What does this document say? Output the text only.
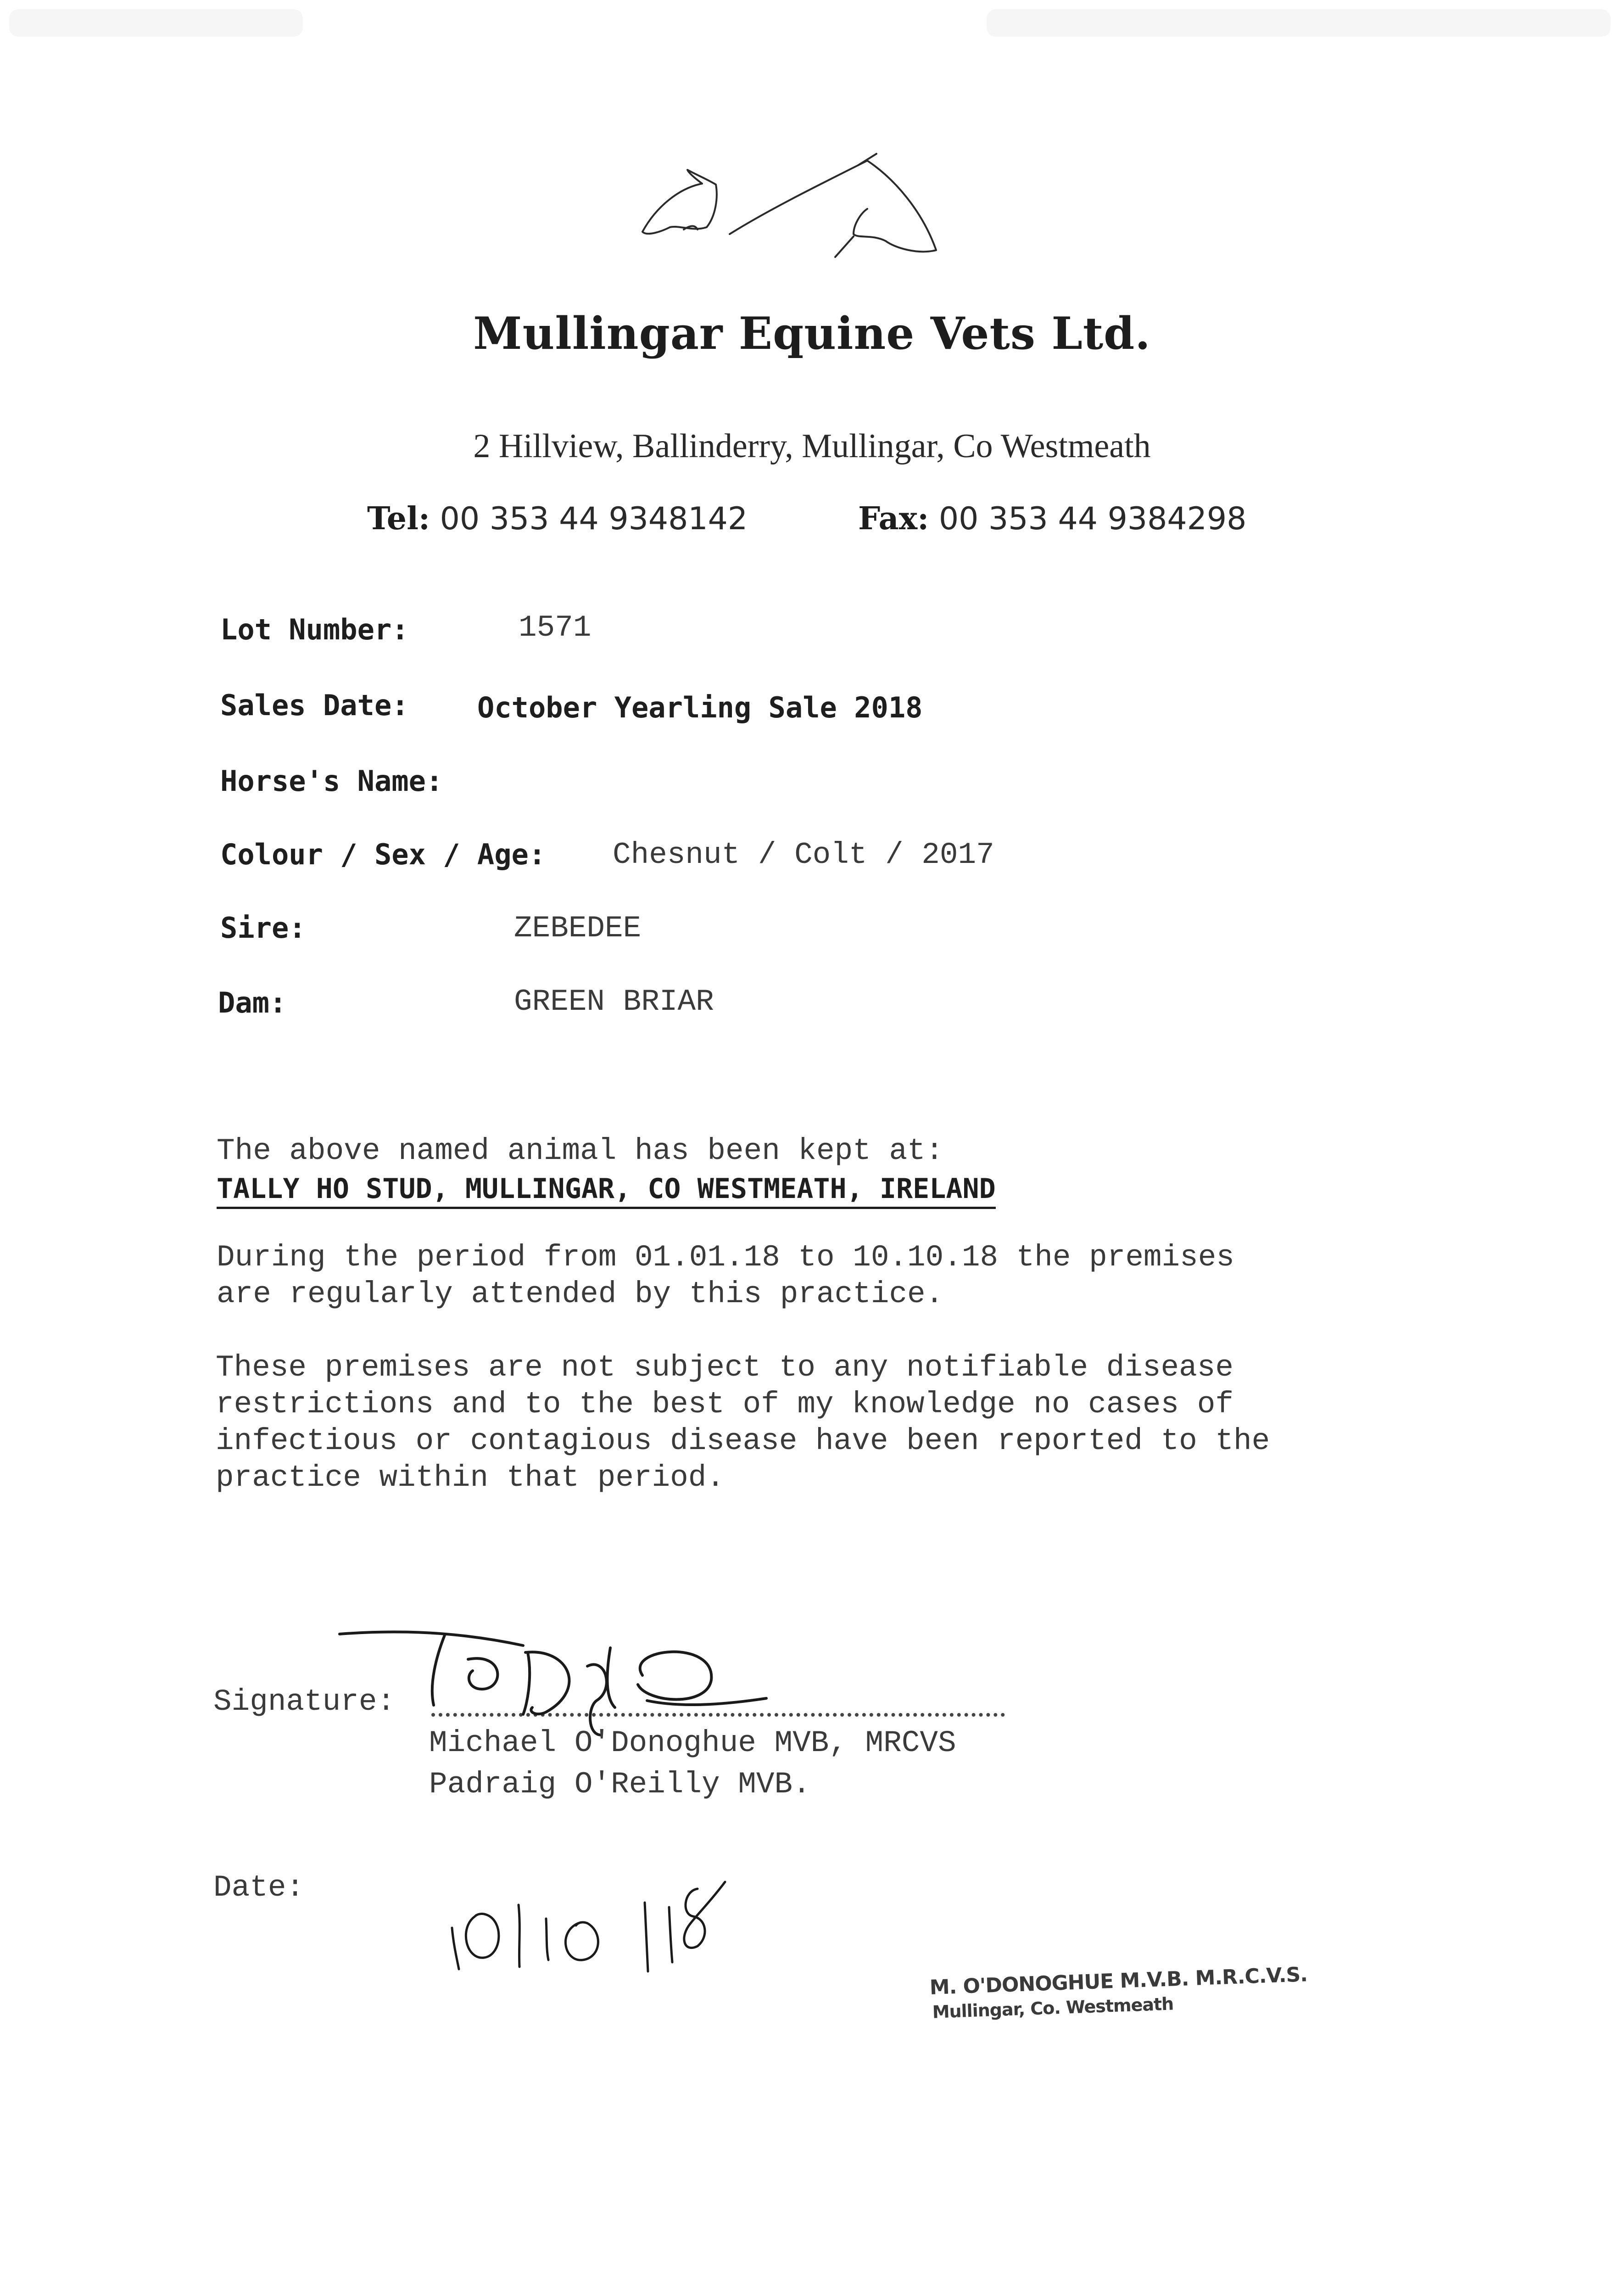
Mullingar Equine Vets Ltd.
2 Hillview, Ballinderry, Mullingar, Co Westmeath
Tel: 00 353 44 9348142	Fax: 00 353 44 9384298
Lot Number:	1571
Sales Date: October Yearling Sale 2018
Horse's Name:
Colour / Sex / Age: Chesnut / Colt / 2017
Sire:	ZEBEDEE
Dam:	GREEN BRIAR
The above named animal has been kept at:
TALLY HO STUD, MULLINGAR, CO WESTMEATH, IRELAND
During the period from 01.01.18 to 10.10.18 the premises
are regularly attended by this practice.
These premises are not subject to any notifiable disease
restrictions and to the best of my knowledge no cases of
infectious or contagious disease have been reported to the
practice within that period.
Signature:
Michael O'Donoghue MVB, MRCVS
Padraig O'Reilly MVB.
Date:
M. O'DONOGHUE M.V.B. M.R.C.V.S.
Mullingar, Co. Westmeath
